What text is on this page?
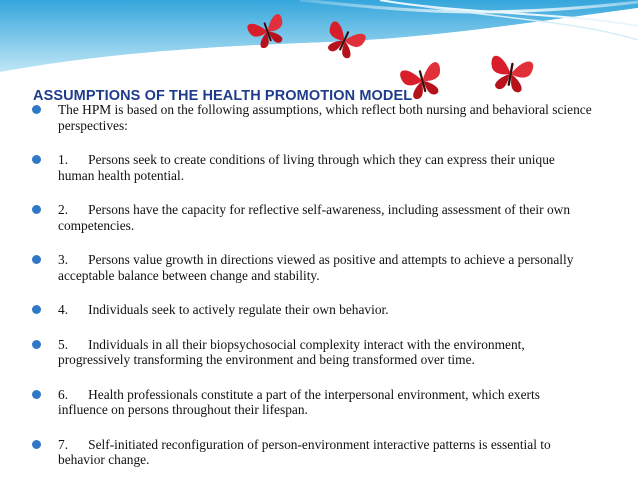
ASSUMPTIONS OF THE HEALTH PROMOTION MODEL
The HPM is based on the following assumptions, which reflect both nursing and behavioral science perspectives:
1.      Persons seek to create conditions of living through which they can express their unique human health potential.
2.      Persons have the capacity for reflective self-awareness, including assessment of their own competencies.
3.      Persons value growth in directions viewed as positive and attempts to achieve a personally acceptable balance between change and stability.
4.      Individuals seek to actively regulate their own behavior.
5.      Individuals in all their biopsychosocial complexity interact with the environment, progressively transforming the environment and being transformed over time.
6.      Health professionals constitute a part of the interpersonal environment, which exerts influence on persons throughout their lifespan.
7.      Self-initiated reconfiguration of person-environment interactive patterns is essential to behavior change.
